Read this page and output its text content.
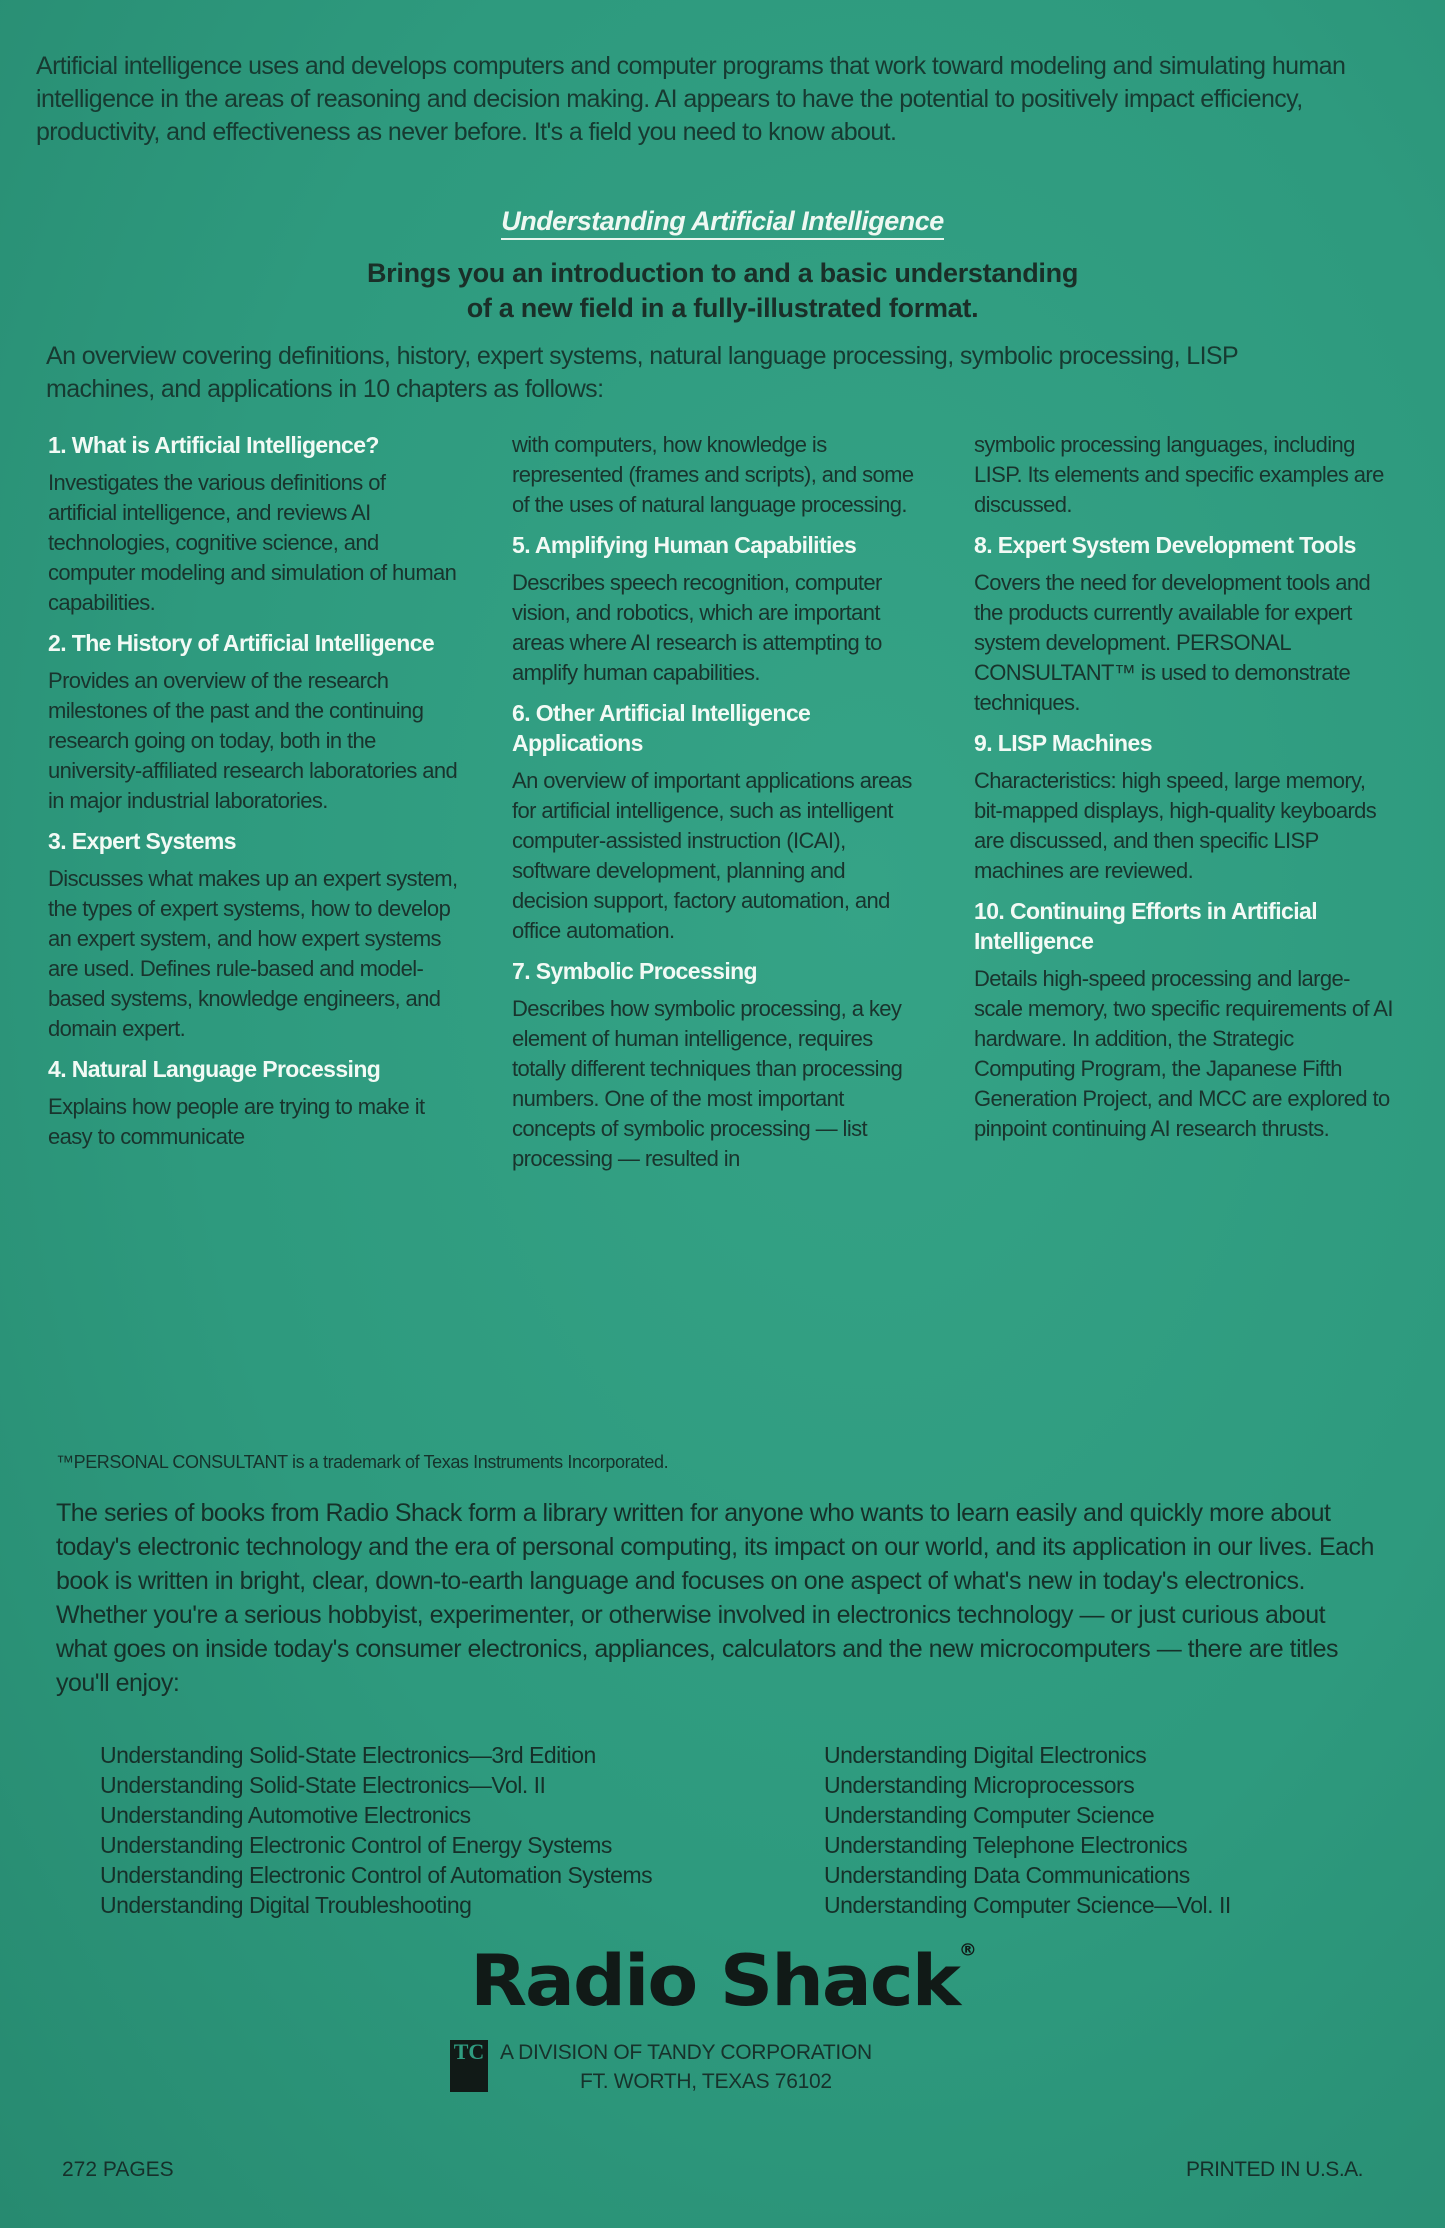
Artificial intelligence uses and develops computers and computer programs that work toward modeling and simulating human intelligence in the areas of reasoning and decision making. AI appears to have the potential to positively impact efficiency, productivity, and effectiveness as never before. It's a field you need to know about.
Understanding Artificial Intelligence
Brings you an introduction to and a basic understanding
of a new field in a fully-illustrated format.
An overview covering definitions, history, expert systems, natural language processing, symbolic processing, LISP machines, and applications in 10 chapters as follows:
1. What is Artificial Intelligence?

Investigates the various definitions of artificial intelligence, and reviews AI technologies, cognitive science, and computer modeling and simulation of human capabilities.

2. The History of Artificial Intelligence

Provides an overview of the research milestones of the past and the continuing research going on today, both in the university-affiliated research laboratories and in major industrial laboratories.

3. Expert Systems

Discusses what makes up an expert system, the types of expert systems, how to develop an expert system, and how expert systems are used. Defines rule-based and model-based systems, knowledge engineers, and domain expert.

4. Natural Language Processing

Explains how people are trying to make it easy to communicate

with computers, how knowledge is represented (frames and scripts), and some of the uses of natural language processing.

5. Amplifying Human Capabilities

Describes speech recognition, computer vision, and robotics, which are important areas where AI research is attempting to amplify human capabilities.

6. Other Artificial Intelligence Applications

An overview of important applications areas for artificial intelligence, such as intelligent computer-assisted instruction (ICAI), software development, planning and decision support, factory automation, and office automation.

7. Symbolic Processing

Describes how symbolic processing, a key element of human intelligence, requires totally different techniques than processing numbers. One of the most important concepts of symbolic processing — list processing — resulted in

symbolic processing languages, including LISP. Its elements and specific examples are discussed.

8. Expert System Development Tools

Covers the need for development tools and the products currently available for expert system development. PERSONAL CONSULTANT™ is used to demonstrate techniques.

9. LISP Machines

Characteristics: high speed, large memory, bit-mapped displays, high-quality keyboards are discussed, and then specific LISP machines are reviewed.

10. Continuing Efforts in Artificial Intelligence

Details high-speed processing and large-scale memory, two specific requirements of AI hardware. In addition, the Strategic Computing Program, the Japanese Fifth Generation Project, and MCC are explored to pinpoint continuing AI research thrusts.

™PERSONAL CONSULTANT is a trademark of Texas Instruments Incorporated.
The series of books from Radio Shack form a library written for anyone who wants to learn easily and quickly more about today's electronic technology and the era of personal computing, its impact on our world, and its application in our lives. Each book is written in bright, clear, down-to-earth language and focuses on one aspect of what's new in today's electronics. Whether you're a serious hobbyist, experimenter, or otherwise involved in electronics technology — or just curious about what goes on inside today's consumer electronics, appliances, calculators and the new microcomputers — there are titles you'll enjoy:
Understanding Solid-State Electronics—3rd Edition
Understanding Solid-State Electronics—Vol. II
Understanding Automotive Electronics
Understanding Electronic Control of Energy Systems
Understanding Electronic Control of Automation Systems
Understanding Digital Troubleshooting
Understanding Digital Electronics
Understanding Microprocessors
Understanding Computer Science
Understanding Telephone Electronics
Understanding Data Communications
Understanding Computer Science—Vol. II
Radio Shack®
TC A DIVISION OF TANDY CORPORATION
FT. WORTH, TEXAS 76102
272 PAGES	PRINTED IN U.S.A.
